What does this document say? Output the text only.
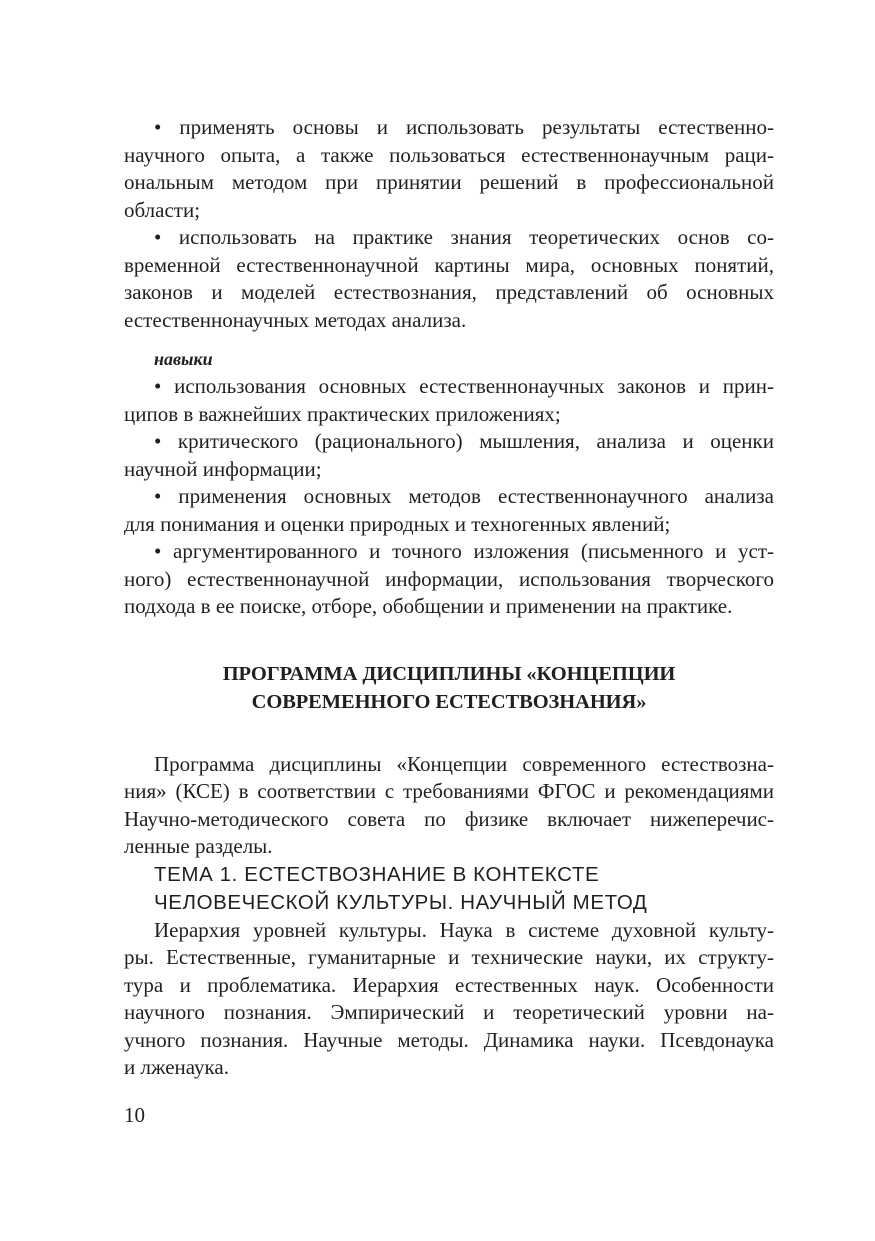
• применять основы и использовать результаты естественно-
научного опыта, а также пользоваться естественнонаучным раци-
ональным методом при принятии решений в профессиональной
области;

• использовать на практике знания теоретических основ со-
временной естественнонаучной картины мира, основных понятий,
законов и моделей естествознания, представлений об основных
естественнонаучных методах анализа.

навыки

• использования основных естественнонаучных законов и прин-
ципов в важнейших практических приложениях;

• критического (рационального) мышления, анализа и оценки
научной информации;

• применения основных методов естественнонаучного анализа
для понимания и оценки природных и техногенных явлений;

• аргументированного и точного изложения (письменного и уст-
ного) естественнонаучной информации, использования творческого
подхода в ее поиске, отборе, обобщении и применении на практике.

ПРОГРАММА ДИСЦИПЛИНЫ «КОНЦЕПЦИИ
СОВРЕМЕННОГО ЕСТЕСТВОЗНАНИЯ»

Программа дисциплины «Концепции современного естествозна-
ния» (КСЕ) в соответствии с требованиями ФГОС и рекомендациями
Научно-методического совета по физике включает нижеперечис-
ленные разделы.

ТЕМА 1. ЕСТЕСТВОЗНАНИЕ В КОНТЕКСТЕ
ЧЕЛОВЕЧЕСКОЙ КУЛЬТУРЫ. НАУЧНЫЙ МЕТОД

Иерархия уровней культуры. Наука в системе духовной культу-
ры. Естественные, гуманитарные и технические науки, их структу-
тура и проблематика. Иерархия естественных наук. Особенности
научного познания. Эмпирический и теоретический уровни на-
учного познания. Научные методы. Динамика науки. Псевдонаука
и лженаука.

10
